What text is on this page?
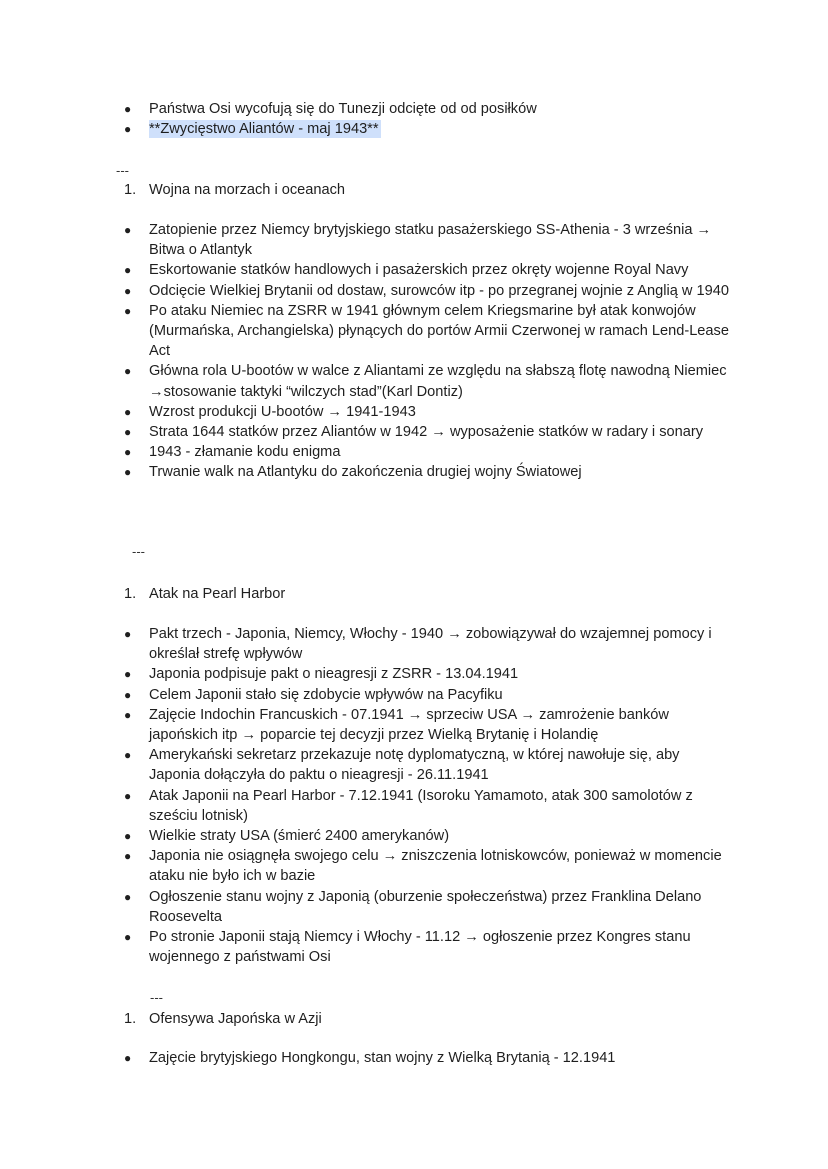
● Państwa Osi wycofują się do Tunezji odcięte od od posiłków
● **Zwycięstwo Aliantów - maj 1943**
---
1. Wojna na morzach i oceanach
● Zatopienie przez Niemcy brytyjskiego statku pasażerskiego SS-Athenia - 3 września → Bitwa o Atlantyk
● Eskortowanie statków handlowych i pasażerskich przez okręty wojenne Royal Navy
● Odcięcie Wielkiej Brytanii od dostaw, surowców itp - po przegranej wojnie z Anglią w 1940
● Po ataku Niemiec na ZSRR w 1941 głównym celem Kriegsmarine był atak konwojów (Murmańska, Archangielska) płynących do portów Armii Czerwonej w ramach Lend-Lease Act
● Główna rola U-bootów w walce z Aliantami ze względu na słabszą flotę nawodną Niemiec →stosowanie taktyki “wilczych stad”(Karl Dontiz)
● Wzrost produkcji U-bootów → 1941-1943
● Strata 1644 statków przez Aliantów w 1942 → wyposażenie statków w radary i sonary
● 1943 - złamanie kodu enigma
● Trwanie walk na Atlantyku do zakończenia drugiej wojny Światowej
---
1. Atak na Pearl Harbor
● Pakt trzech - Japonia, Niemcy, Włochy - 1940 → zobowiązywał do wzajemnej pomocy i określał strefę wpływów
● Japonia podpisuje pakt o nieagresji z ZSRR - 13.04.1941
● Celem Japonii stało się zdobycie wpływów na Pacyfiku
● Zajęcie Indochin Francuskich - 07.1941 → sprzeciw USA → zamrożenie banków japońskich itp → poparcie tej decyzji przez Wielką Brytanię i Holandię
● Amerykański sekretarz przekazuje notę dyplomatyczną, w której nawołuje się, aby Japonia dołączyła do paktu o nieagresji - 26.11.1941
● Atak Japonii na Pearl Harbor - 7.12.1941 (Isoroku Yamamoto, atak 300 samolotów z sześciu lotnisk)
● Wielkie straty USA (śmierć 2400 amerykanów)
● Japonia nie osiągnęła swojego celu → zniszczenia lotniskowców, ponieważ w momencie ataku nie było ich w bazie
● Ogłoszenie stanu wojny z Japonią (oburzenie społeczeństwa) przez Franklina Delano Roosevelta
● Po stronie Japonii stają Niemcy i Włochy - 11.12 → ogłoszenie przez Kongres stanu wojennego z państwami Osi
---
1. Ofensywa Japońska w Azji
● Zajęcie brytyjskiego Hongkongu, stan wojny z Wielką Brytanią - 12.1941
